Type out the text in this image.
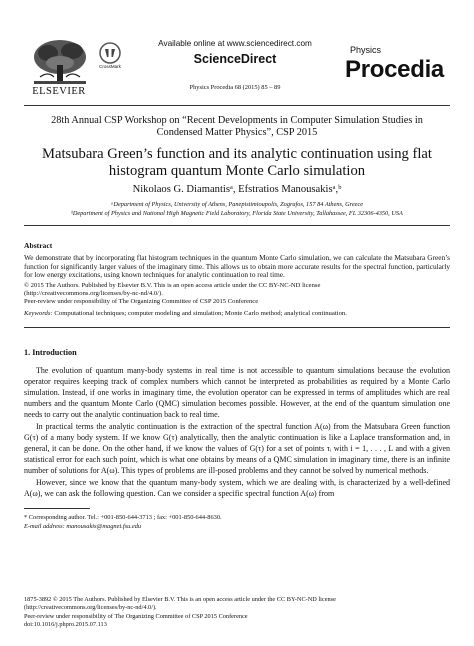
ELSEVIER
CrossMark
Available online at www.sciencedirect.com
ScienceDirect
Physics Procedia 68 (2015) 85 – 89
Physics
Procedia
28th Annual CSP Workshop on “Recent Developments in Computer Simulation Studies in
Condensed Matter Physics”, CSP 2015
Matsubara Green’s function and its analytic continuation using flat
histogram quantum Monte Carlo simulation
Nikolaos G. Diamantisᵃ, Efstratios Manousakisᵃ,ᵇ
ᵃDepartment of Physics, University of Athens, Panepistimioupolis, Zografos, 157 84 Athens, Greece
ᵇDepartment of Physics and National High Magnetic Field Laboratory, Florida State University, Tallahassee, FL 32306-4350, USA
Abstract
We demonstrate that by incorporating flat histogram techniques in the quantum Monte Carlo simulation, we can calculate the Matsubara Green’s function for significantly larger values of the imaginary time. This allows us to obtain more accurate results for the spectral function, particularly for low energy excitations, using known techniques for analytic continuation to real time.
© 2015 The Authors. Published by Elsevier B.V. This is an open access article under the CC BY-NC-ND license
(http://creativecommons.org/licenses/by-nc-nd/4.0/).
Peer-review under responsibility of The Organizing Committee of CSP 2015 Conference
Keywords: Computational techniques; computer modeling and simulation; Monte Carlo method; analytical continuation.
1. Introduction
The evolution of quantum many-body systems in real time is not accessible to quantum simulations because the evolution operator requires keeping track of complex numbers which cannot be interpreted as probabilities as required by a Monte Carlo simulation. Instead, if one works in imaginary time, the evolution operator can be expressed in terms of amplitudes which are real numbers and the quantum Monte Carlo (QMC) simulation becomes possible. However, at the end of the quantum simulation one needs to carry out the analytic continuation back to real time.
In practical terms the analytic continuation is the extraction of the spectral function A(ω) from the Matsubara Green function G(τ) of a many body system. If we know G(τ) analytically, then the analytic continuation is like a Laplace transformation and, in general, it can be done. On the other hand, if we know the values of G(τ) for a set of points τᵢ with i = 1, . . . , L and with a given statistical error for each such point, which is what one obtains by means of a QMC simulation in imaginary time, there is an infinite number of solutions for A(ω). This types of problems are ill-posed problems and they cannot be solved by numerical methods.
However, since we know that the quantum many-body system, which we are dealing with, is characterized by a well-defined A(ω), we can ask the following question. Can we consider a specific spectral function A(ω) from
* Corresponding author. Tel.: +001-850-644-3713 ; fax: +001-850-644-8630.
E-mail address: manousakis@magnet.fsu.edu
1875-3892 © 2015 The Authors. Published by Elsevier B.V. This is an open access article under the CC BY-NC-ND license
(http://creativecommons.org/licenses/by-nc-nd/4.0/).
Peer-review under responsibility of The Organizing Committee of CSP 2015 Conference
doi:10.1016/j.phpro.2015.07.113
